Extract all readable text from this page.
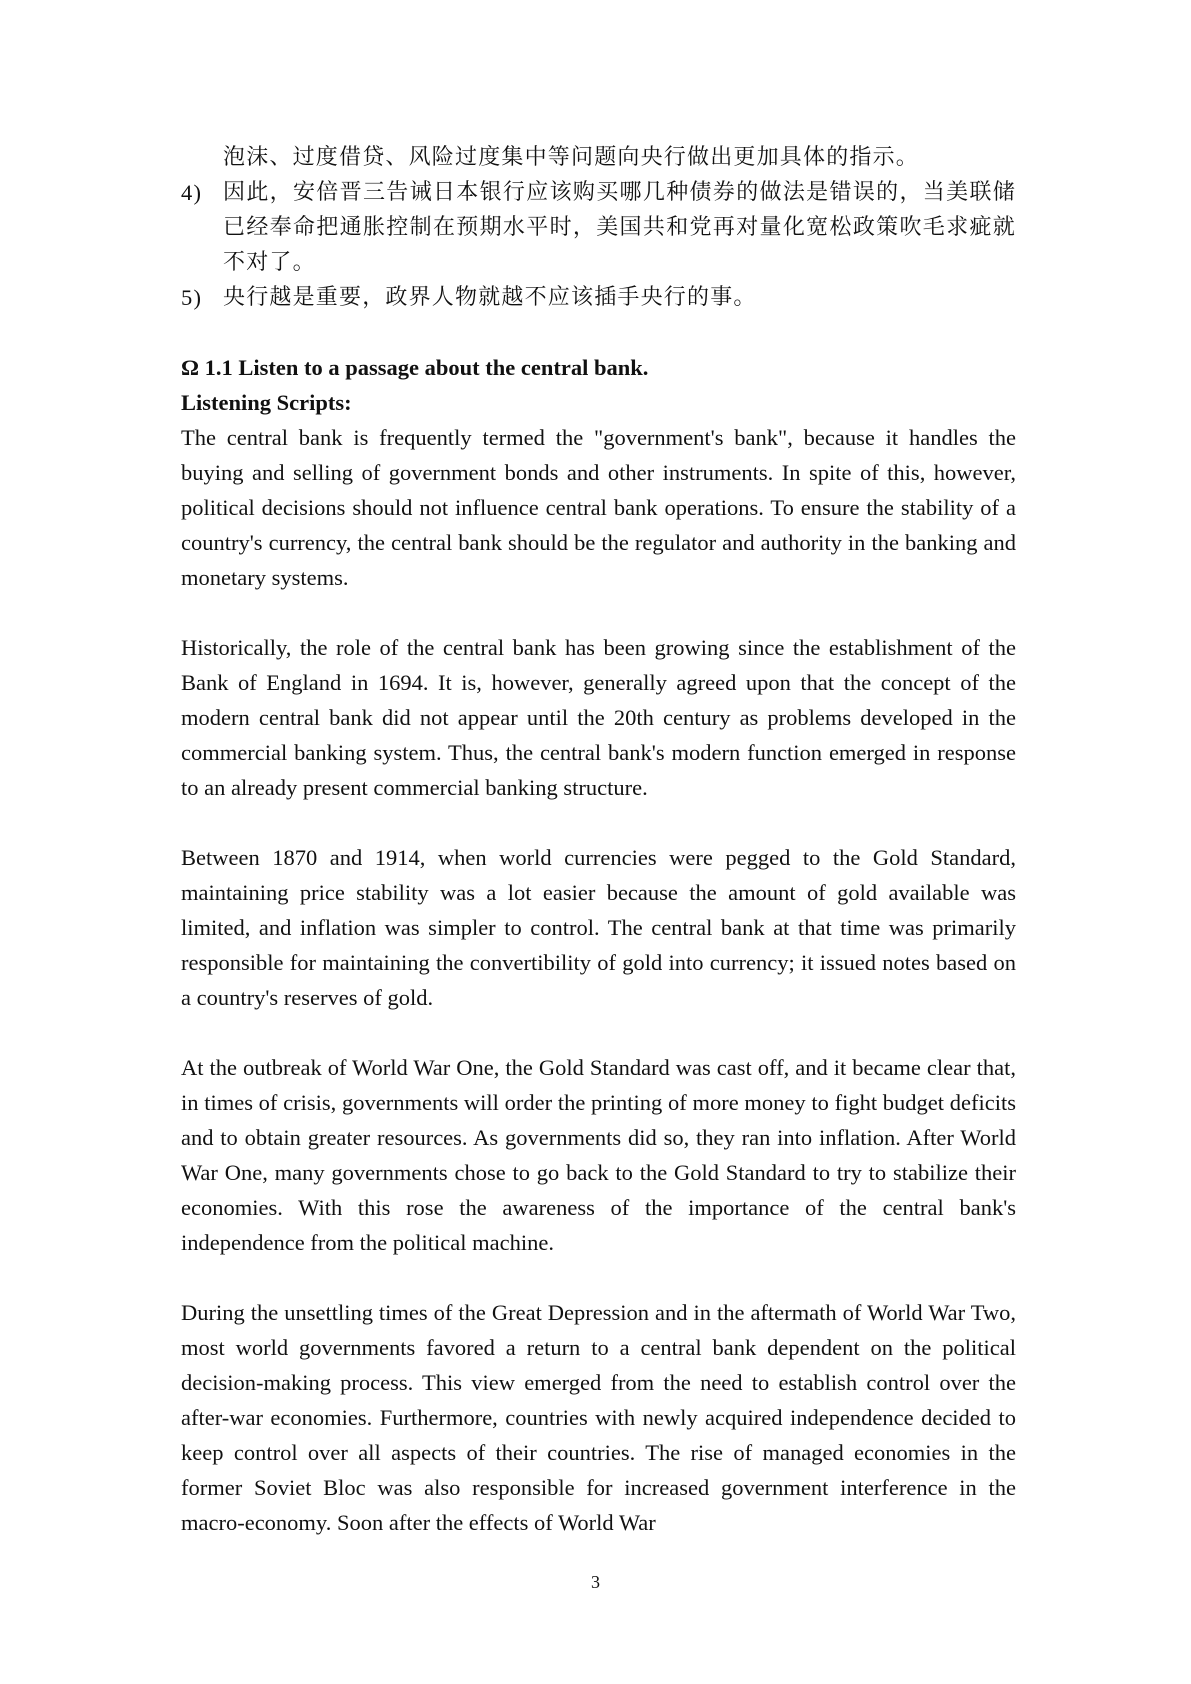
泡沫、过度借贷、风险过度集中等问题向央行做出更加具体的指示。
4) 因此，安倍晋三告诫日本银行应该购买哪几种债券的做法是错误的，当美联储已经奉命把通胀控制在预期水平时，美国共和党再对量化宽松政策吹毛求疵就不对了。
5) 央行越是重要，政界人物就越不应该插手央行的事。
Ω 1.1 Listen to a passage about the central bank.
Listening Scripts:

The central bank is frequently termed the "government's bank", because it handles the buying and selling of government bonds and other instruments. In spite of this, however, political decisions should not influence central bank operations. To ensure the stability of a country's currency, the central bank should be the regulator and authority in the banking and monetary systems.

Historically, the role of the central bank has been growing since the establishment of the Bank of England in 1694. It is, however, generally agreed upon that the concept of the modern central bank did not appear until the 20th century as problems developed in the commercial banking system. Thus, the central bank's modern function emerged in response to an already present commercial banking structure.

Between 1870 and 1914, when world currencies were pegged to the Gold Standard, maintaining price stability was a lot easier because the amount of gold available was limited, and inflation was simpler to control. The central bank at that time was primarily responsible for maintaining the convertibility of gold into currency; it issued notes based on a country's reserves of gold.

At the outbreak of World War One, the Gold Standard was cast off, and it became clear that, in times of crisis, governments will order the printing of more money to fight budget deficits and to obtain greater resources. As governments did so, they ran into inflation. After World War One, many governments chose to go back to the Gold Standard to try to stabilize their economies. With this rose the awareness of the importance of the central bank's independence from the political machine.

During the unsettling times of the Great Depression and in the aftermath of World War Two, most world governments favored a return to a central bank dependent on the political decision-making process. This view emerged from the need to establish control over the after-war economies. Furthermore, countries with newly acquired independence decided to keep control over all aspects of their countries. The rise of managed economies in the former Soviet Bloc was also responsible for increased government interference in the macro-economy. Soon after the effects of World War

3
